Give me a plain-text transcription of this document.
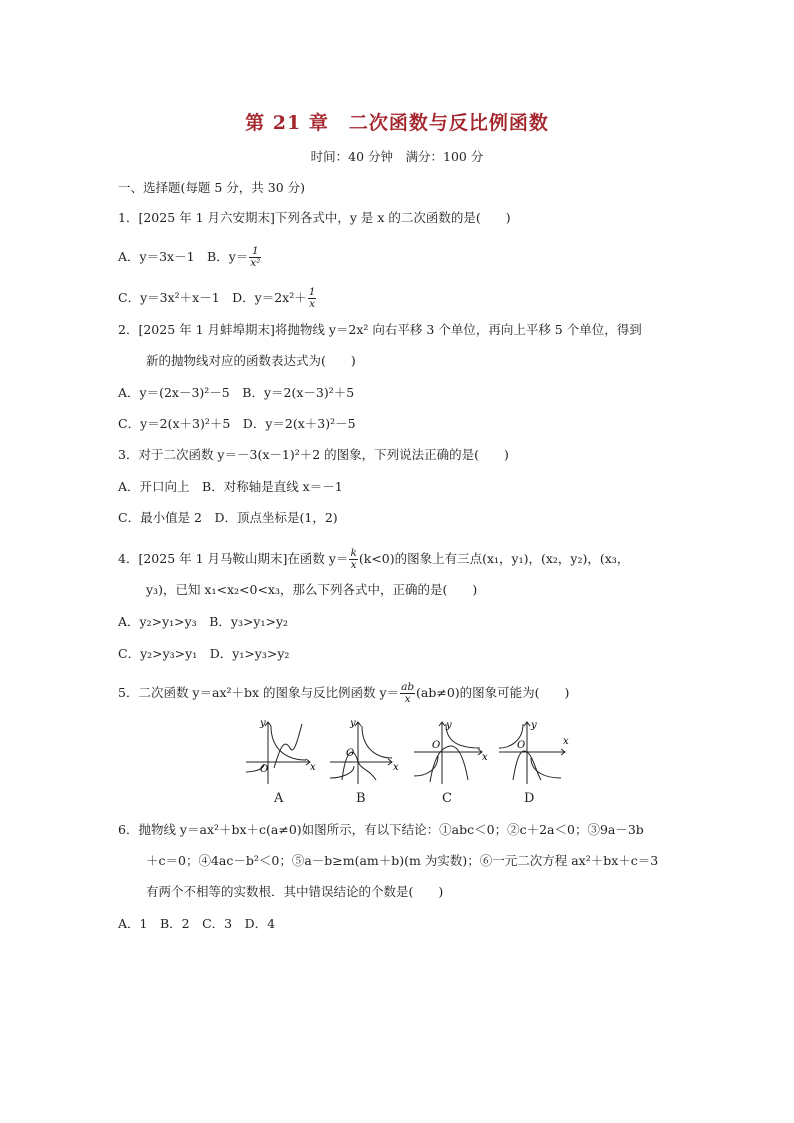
第 21 章　二次函数与反比例函数
时间：40 分钟　满分：100 分
一、选择题(每题 5 分，共 30 分)
1．[2025 年 1 月六安期末]下列各式中，y 是 x 的二次函数的是(　　)
A．y＝3x－1　B．$y= \frac{1}{\text{x²}}$
C．y＝3x²＋x－1　D．$y=2x^2+ \frac{1}{x}$
2．[2025 年 1 月蚌埠期末]将抛物线 y＝2x² 向右平移 3 个单位，再向上平移 5 个单位，得到
新的抛物线对应的函数表达式为(　　)
A．y＝(2x－3)²－5　B．y＝2(x－3)²＋5
C．y＝2(x＋3)²＋5　D．y＝2(x＋3)²－5
3．对于二次函数 y＝－3(x－1)²＋2 的图象，下列说法正确的是(　　)
A．开口向上　B．对称轴是直线 x＝－1
C．最小值是 2　D．顶点坐标是(1，2)
4．[2025 年 1 月马鞍山期末]在函数 $y= \frac{k}{x} (k<0)$的图象上有三点(x₁，y₁)，(x₂，y₂)，(x₃，
y₃)，已知 x₁<x₂<0<x₃，那么下列各式中，正确的是(　　)
A．y₂>y₁>y₃　B．y₃>y₁>y₂
C．y₂>y₃>y₁　D．y₁>y₃>y₂
5．二次函数 y＝ax²＋bx 的图象与反比例函数 $y= \frac{ab}{x} (ab\ne 0)$的图象可能为(　　)
y
x
O
y
x
O
y
x
O
y
x
O
A	B	C	D
6．抛物线 y＝ax²＋bx＋c(a≠0)如图所示，有以下结论：①abc＜0；②c＋2a＜0；③9a－3b
＋c＝0；④4ac－b²＜0；⑤a－b≥m(am＋b)(m 为实数)；⑥一元二次方程 ax²＋bx＋c＝3
有两个不相等的实数根．其中错误结论的个数是(　　)
A．1　B．2　C．3　D．4
